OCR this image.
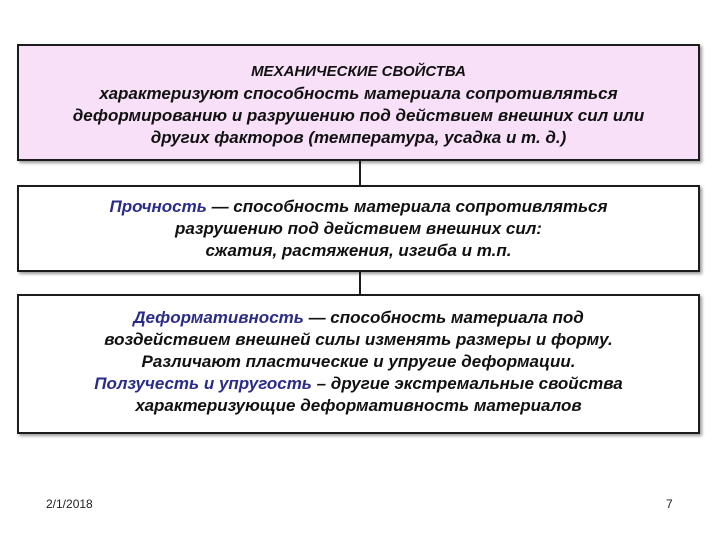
МЕХАНИЧЕСКИЕ СВОЙСТВА
характеризуют способность материала сопротивляться
деформированию и разрушению под действием внешних сил или
других факторов (температура, усадка и т. д.)
Прочность — способность материала сопротивляться
разрушению под действием внешних сил:
сжатия, растяжения, изгиба и т.п.
Деформативность — способность материала под
воздействием внешней силы изменять размеры и форму.
Различают пластические и упругие деформации.
Ползучесть и упругость – другие экстремальные свойства
характеризующие деформативность материалов
2/1/2018	7
